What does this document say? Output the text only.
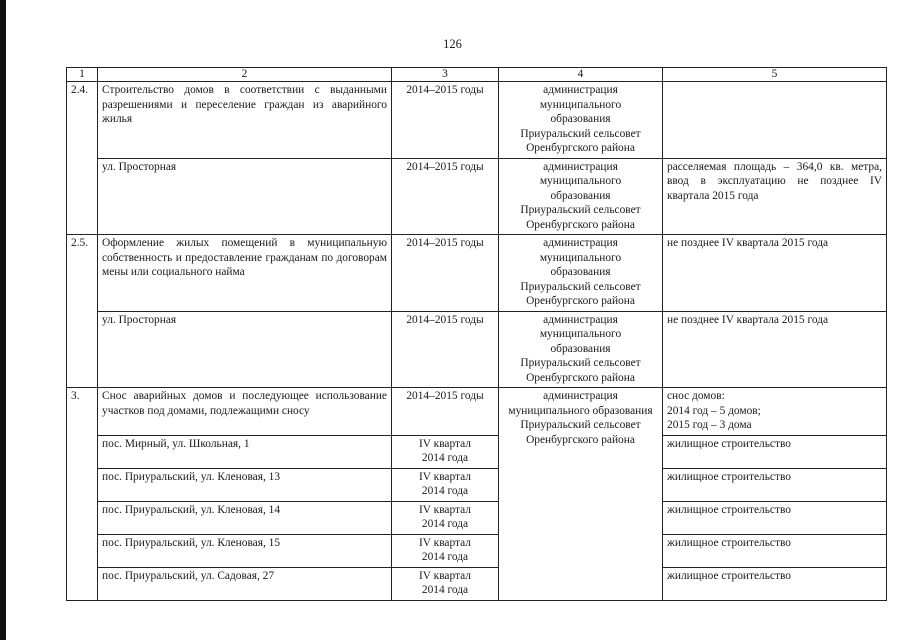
126
1	2	3	4	5
2.4.	Строительство домов в соответствии с выданными разрешениями и переселение граждан из аварийного жилья	2014–2015 годы	администрация
муниципального
образования
Приуральский сельсовет
Оренбургского района	
	ул. Просторная	2014–2015 годы	администрация
муниципального
образования
Приуральский сельсовет
Оренбургского района	расселяемая площадь – 364,0 кв. метра, ввод в эксплуатацию не позднее IV квартала 2015 года
2.5.	Оформление жилых помещений в муниципальную собственность и предоставление гражданам по договорам мены или социального найма	2014–2015 годы	администрация
муниципального
образования
Приуральский сельсовет
Оренбургского района	не позднее IV квартала 2015 года
	ул. Просторная	2014–2015 годы	администрация
муниципального
образования
Приуральский сельсовет
Оренбургского района	не позднее IV квартала 2015 года
3.	Снос аварийных домов и последующее использование участков под домами, подлежащими сносу	2014–2015 годы	администрация муниципального образования
Приуральский сельсовет
Оренбургского района	снос домов:
2014 год – 5 домов;
2015 год – 3 дома
	пос. Мирный, ул. Школьная, 1	IV квартал
2014 года		жилищное строительство
	пос. Приуральский, ул. Кленовая, 13	IV квартал
2014 года		жилищное строительство
	пос. Приуральский, ул. Кленовая, 14	IV квартал
2014 года		жилищное строительство
	пос. Приуральский, ул. Кленовая, 15	IV квартал
2014 года		жилищное строительство
	пос. Приуральский, ул. Садовая, 27	IV квартал
2014 года		жилищное строительство
